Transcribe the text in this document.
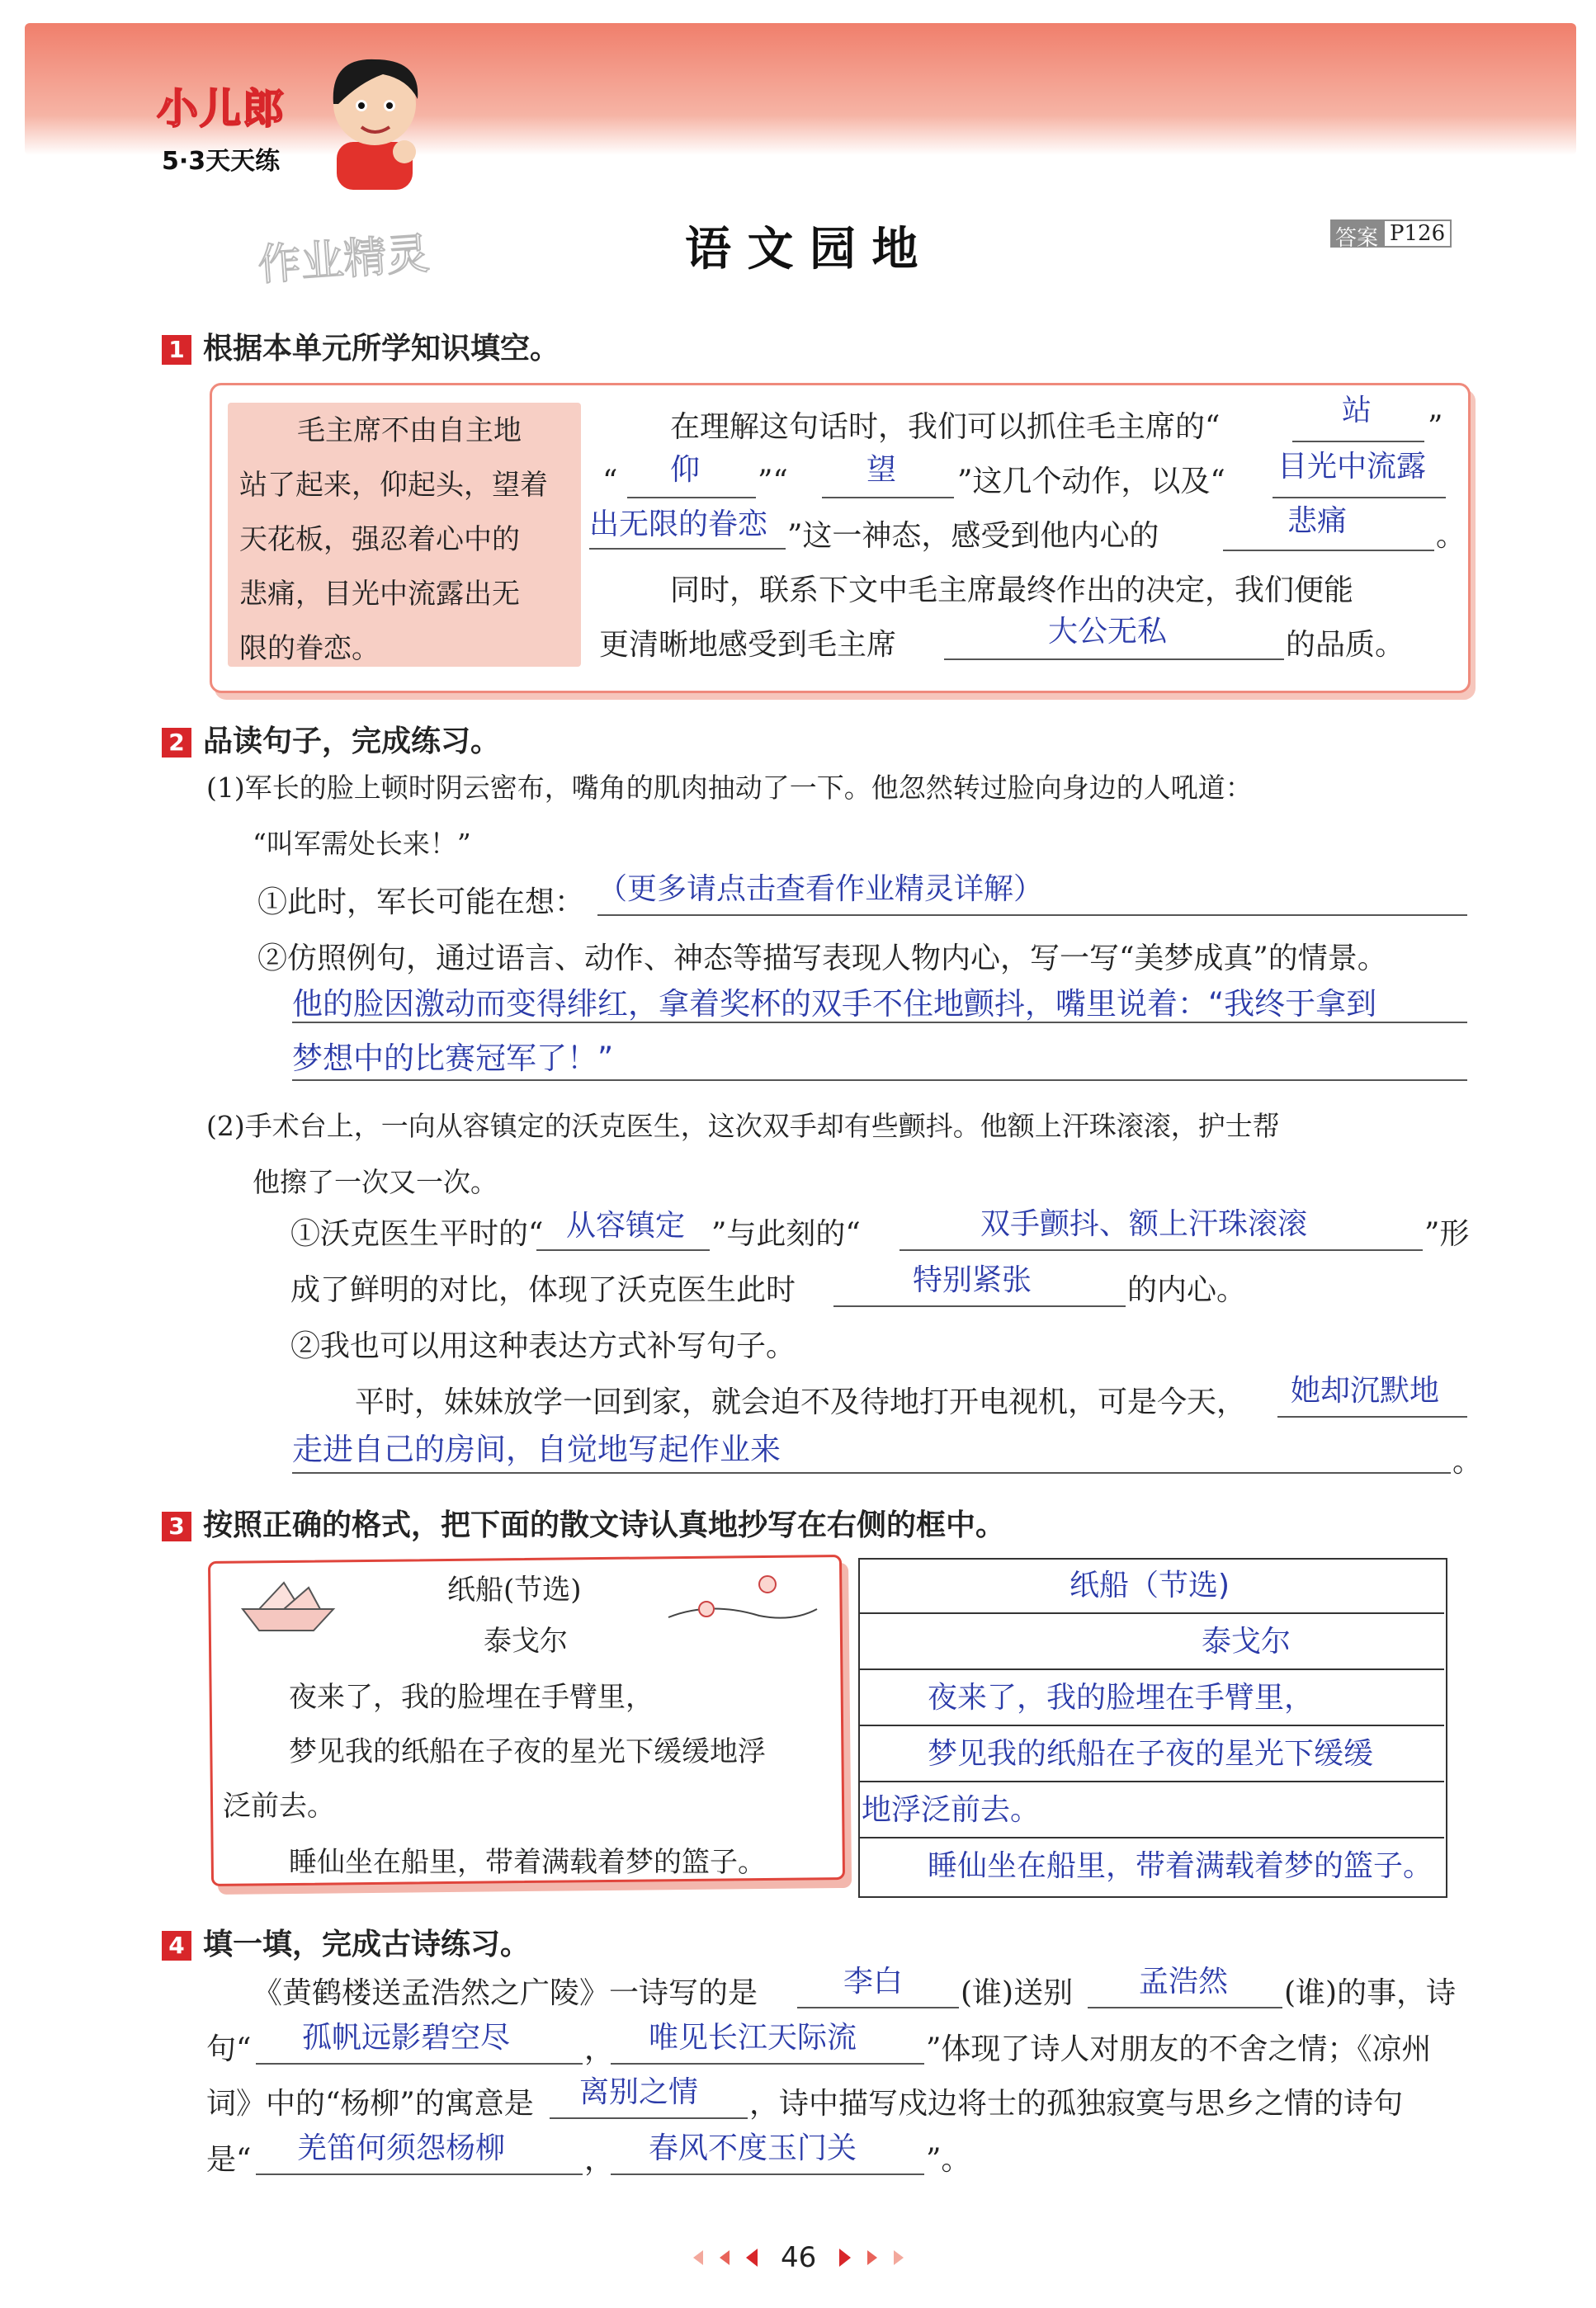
小儿郎
5·3天天练
作业精灵	语 文 园 地	答案 P126
1 根据本单元所学知识填空。
毛主席不由自主地
站了起来，仰起头，望着
天花板，强忍着心中的
悲痛，目光中流露出无
限的眷恋。
在理解这句话时，我们可以抓住毛主席的“	站 ”
“ 仰 ”“	望 ”这几个动作，以及“ 目光中流露
出无限的眷恋 ”这一神态，感受到他内心的	悲痛	。
同时，联系下文中毛主席最终作出的决定，我们便能
更清晰地感受到毛主席	大公无私	的品质。
2 品读句子，完成练习。
(1)军长的脸上顿时阴云密布，嘴角的肌肉抽动了一下。他忽然转过脸向身边的人吼道：
“叫军需处长来！”
①此时，军长可能在想： （更多请点击查看作业精灵详解）
②仿照例句，通过语言、动作、神态等描写表现人物内心，写一写“美梦成真”的情景。
他的脸因激动而变得绯红，拿着奖杯的双手不住地颤抖，嘴里说着：“我终于拿到
梦想中的比赛冠军了！”
(2)手术台上，一向从容镇定的沃克医生，这次双手却有些颤抖。他额上汗珠滚滚，护士帮
他擦了一次又一次。
①沃克医生平时的“ 从容镇定 ”与此刻的“	双手颤抖、额上汗珠滚滚	”形
成了鲜明的对比，体现了沃克医生此时	特别紧张	的内心。
②我也可以用这种表达方式补写句子。
平时，妹妹放学一回到家，就会迫不及待地打开电视机，可是今天， 她却沉默地
走进自己的房间，自觉地写起作业来	。
3 按照正确的格式，把下面的散文诗认真地抄写在右侧的框中。
纸船(节选)
泰戈尔
夜来了，我的脸埋在手臂里，
梦见我的纸船在子夜的星光下缓缓地浮
泛前去。
睡仙坐在船里，带着满载着梦的篮子。
纸船（节选)
泰戈尔
夜来了，我的脸埋在手臂里，
梦见我的纸船在子夜的星光下缓缓
地浮泛前去。
睡仙坐在船里，带着满载着梦的篮子。
4 填一填，完成古诗练习。
《黄鹤楼送孟浩然之广陵》一诗写的是	李白 (谁)送别 孟浩然 (谁)的事，诗
句“ 孤帆远影碧空尽 ， 唯见长江天际流 ”体现了诗人对朋友的不舍之情；《凉州
词》中的“杨柳”的寓意是 离别之情 ，诗中描写戍边将士的孤独寂寞与思乡之情的诗句
是“ 羌笛何须怨杨柳	， 春风不度玉门关 ”。
46
